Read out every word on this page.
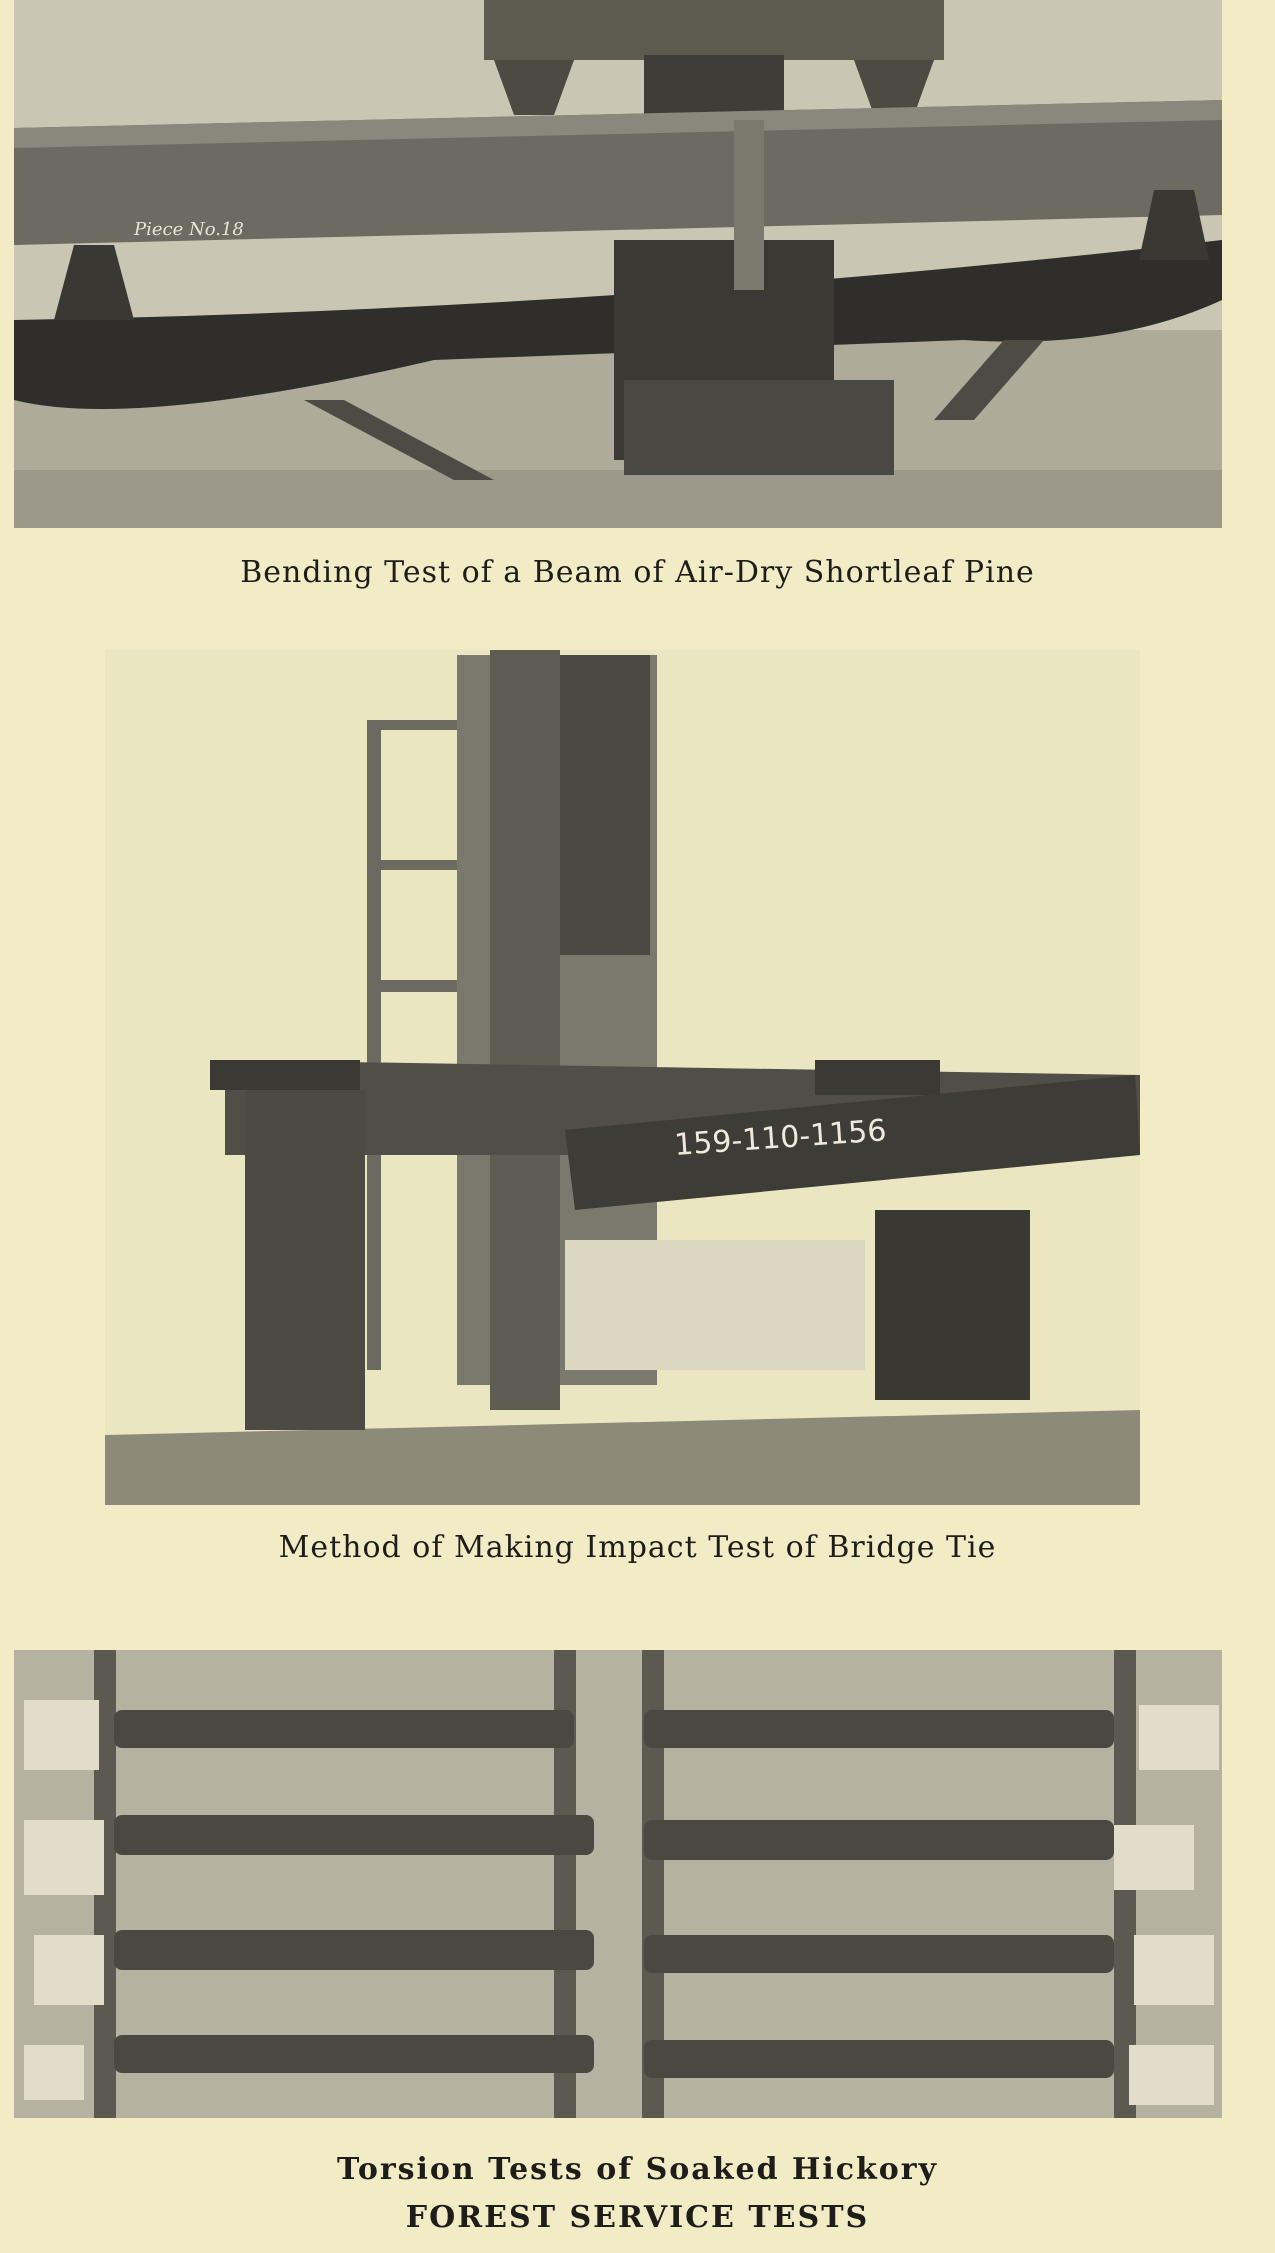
Piece No.18
Bending Test of a Beam of Air-Dry Shortleaf Pine
159-110-1156
Method of Making Impact Test of Bridge Tie
Torsion Tests of Soaked Hickory
FOREST SERVICE TESTS
